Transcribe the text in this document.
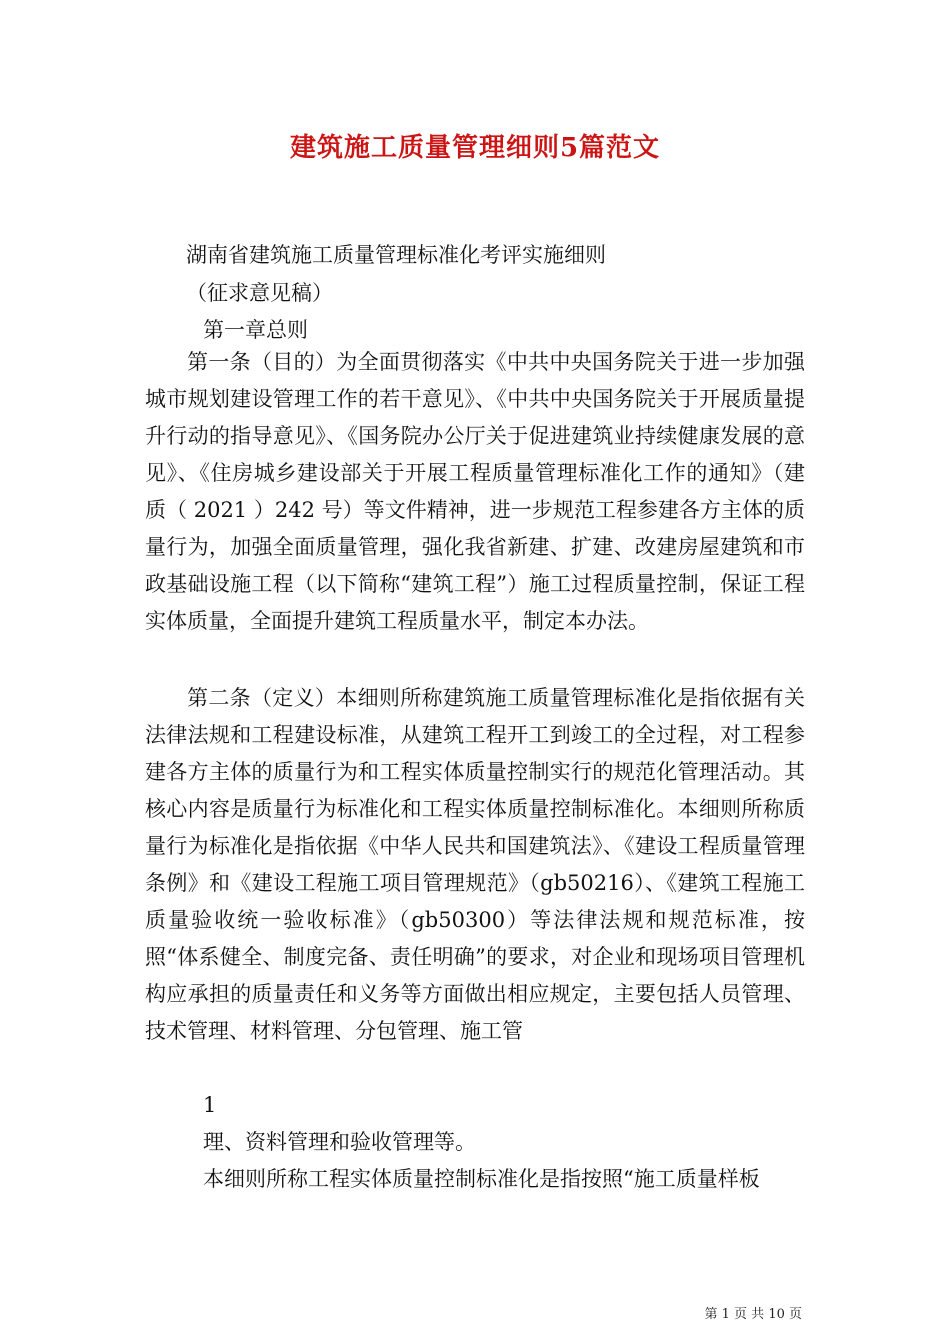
建筑施工质量管理细则5篇范文
湖南省建筑施工质量管理标准化考评实施细则
（征求意见稿）
第一章总则

第一条（目的）为全面贯彻落实《中共中央国务院关于进一步加强城市规划建设管理工作的若干意见》、《中共中央国务院关于开展质量提升行动的指导意见》、《国务院办公厅关于促进建筑业持续健康发展的意见》、《住房城乡建设部关于开展工程质量管理标准化工作的通知》（建质（ 2021 ）242 号）等文件精神，进一步规范工程参建各方主体的质量行为，加强全面质量管理，强化我省新建、扩建、改建房屋建筑和市政基础设施工程（以下简称“建筑工程”）施工过程质量控制，保证工程实体质量，全面提升建筑工程质量水平，制定本办法。

第二条（定义）本细则所称建筑施工质量管理标准化是指依据有关法律法规和工程建设标准，从建筑工程开工到竣工的全过程，对工程参建各方主体的质量行为和工程实体质量控制实行的规范化管理活动。其核心内容是质量行为标准化和工程实体质量控制标准化。本细则所称质量行为标准化是指依据《中华人民共和国建筑法》、《建设工程质量管理条例》和《建设工程施工项目管理规范》（gb50216）、《建筑工程施工质量验收统一验收标准》（gb50300）等法律法规和规范标准，按照“体系健全、制度完备、责任明确”的要求，对企业和现场项目管理机构应承担的质量责任和义务等方面做出相应规定，主要包括人员管理、技术管理、材料管理、分包管理、施工管

1
理、资料管理和验收管理等。
本细则所称工程实体质量控制标准化是指按照“施工质量样板
第 1 页 共 10 页
